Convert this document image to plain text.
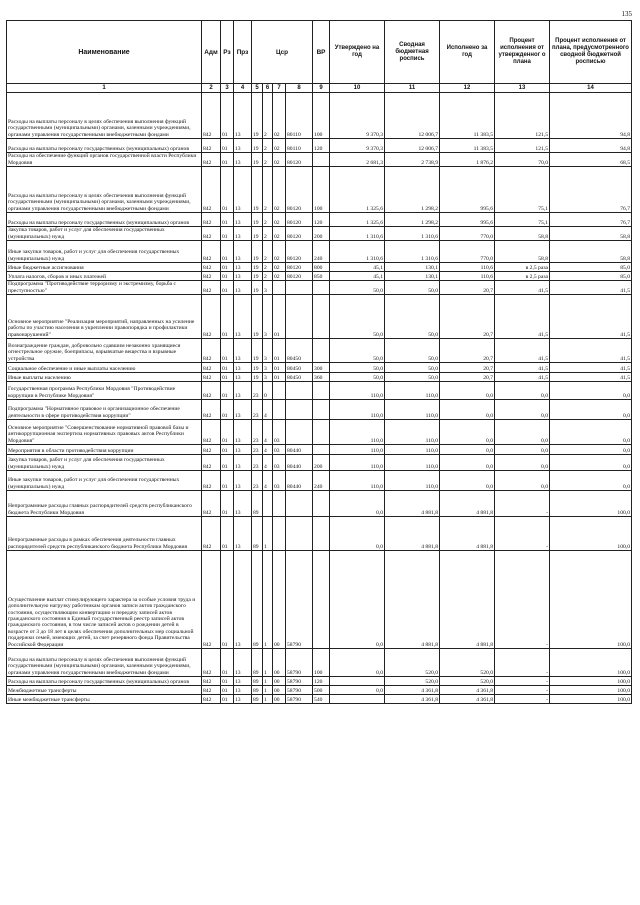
135
Наименование	Адм	Рз	Прз	Цср				ВР	Утверждено на год	Сводная бюджетная роспись	Исполнено за год	Процент исполнения от утвержденног о плана	Процент исполнения от плана, предусмотренного сводной бюджетной росписью
1	2	3	4	5	6	7	8	9	10	11	12	13	14
Расходы на выплаты персоналу в целях обеспечения выполнения функций государственными (муниципальными) органами, казенными учреждениями, органами управления государственными внебюджетными фондами	842	01	13	19	2	02	80110	100	9 370,3	12 006,7	11 383,5	121,5	94,8
Расходы на выплаты персоналу государственных (муниципальных) органов	842	01	13	19	2	02	80110	120	9 370,3	12 006,7	11 383,5	121,5	94,8
Расходы на обеспечение функций органов государственной власти Республики Мордовия	842	01	13	19	2	02	80120		2 681,3	2 738,9	1 876,2	70,0	68,5
Расходы на выплаты персоналу в целях обеспечения выполнения функций государственными (муниципальными) органами, казенными учреждениями, органами управления государственными внебюджетными фондами	842	01	13	19	2	02	80120	100	1 325,6	1 298,2	995,6	75,1	76,7
Расходы на выплаты персоналу государственных (муниципальных) органов	842	01	13	19	2	02	80120	120	1 325,6	1 298,2	995,6	75,1	76,7
Закупка товаров, работ и услуг для обеспечения государственных (муниципальных) нужд	842	01	13	19	2	02	80120	200	1 310,6	1 310,6	770,0	58,8	58,8
Иные закупки товаров, работ и услуг для обеспечения государственных (муниципальных) нужд	842	01	13	19	2	02	80120	240	1 310,6	1 310,6	770,0	58,8	58,8
Иные бюджетные ассигнования	842	01	13	19	2	02	80120	800	45,1	130,1	110,6	в 2,5 раза	85,0
Уплата налогов, сборов и иных платежей	842	01	13	19	2	02	80120	850	45,1	130,1	110,6	в 2,5 раза	85,0
Подпрограмма "Противодействие терроризму и экстремизму, борьба с преступностью"	842	01	13	19	3				50,0	50,0	20,7	41,5	41,5
Основное мероприятие "Реализация мероприятий, направленных на усиление работы по участию населения в укреплении правопорядка и профилактики правонарушений"	842	01	13	19	3	01			50,0	50,0	20,7	41,5	41,5
Вознаграждение граждан, добровольно сдавшим незаконно хранящиеся огнестрельное оружие, боеприпасы, взрывчатые вещества и взрывные устройства	842	01	13	19	3	01	80450		50,0	50,0	20,7	41,5	41,5
Социальное обеспечение и иные выплаты населению	842	01	13	19	3	01	80450	300	50,0	50,0	20,7	41,5	41,5
Иные выплаты населению	842	01	13	19	3	01	80450	360	50,0	50,0	20,7	41,5	41,5
Государственная программа Республики Мордовия "Противодействие коррупции в Республике Мордовия"	842	01	13	23	0				110,0	110,0	0,0	0,0	0,0
Подпрограмма "Нормативное правовое и организационное обеспечение деятельности в сфере противодействия коррупции"	842	01	13	23	4				110,0	110,0	0,0	0,0	0,0
Основное мероприятие "Совершенствование нормативной правовой базы и антикоррупционная экспертиза нормативных правовых актов Республики Мордовия"	842	01	13	23	4	03			110,0	110,0	0,0	0,0	0,0
Мероприятия в области противодействия коррупции	842	01	13	23	4	03	80440		110,0	110,0	0,0	0,0	0,0
Закупка товаров, работ и услуг для обеспечения государственных (муниципальных) нужд	842	01	13	23	4	03	80440	200	110,0	110,0	0,0	0,0	0,0
Иные закупки товаров, работ и услуг для обеспечения государственных (муниципальных) нужд	842	01	13	23	4	03	80440	240	110,0	110,0	0,0	0,0	0,0
Непрограммные расходы главных распорядителей средств республиканского бюджета Республики Мордовия	842	01	13	89					0,0	4 881,8	4 881,8	-	100,0
Непрограммные расходы в рамках обеспечения деятельности главных распорядителей средств республиканского бюджета Республики Мордовия	842	01	13	89	1				0,0	4 881,8	4 881,8	-	100,0
Осуществление выплат стимулирующего характера за особые условия труда и дополнительную нагрузку работникам органов записи актов гражданского состояния, осуществляющим конвертацию и передачу записей актов гражданского состояния в Единый государственный реестр записей актов гражданского состояния, в том числе записей актов о рождении детей в возрасте от 3 до 18 лет в целях обеспечения дополнительных мер социальной поддержки семей, имеющих детей, за счет резервного фонда Правительства Российской Федерации	842	01	13	89	1	00	58790		0,0	4 881,8	4 881,8	-	100,0
Расходы на выплаты персоналу в целях обеспечения выполнения функций государственными (муниципальными) органами, казенными учреждениями, органами управления государственными внебюджетными фондами	842	01	13	89	1	00	58790	100	0,0	520,0	520,0	-	100,0
Расходы на выплаты персоналу государственных (муниципальных) органов	842	01	13	89	1	00	58790	120		520,0	520,0	-	100,0
Межбюджетные трансферты	842	01	13	89	1	00	58790	500	0,0	4 361,8	4 361,8	-	100,0
Иные межбюджетные трансферты	842	01	13	89	1	00	58790	540		4 361,8	4 361,8	-	100,0
